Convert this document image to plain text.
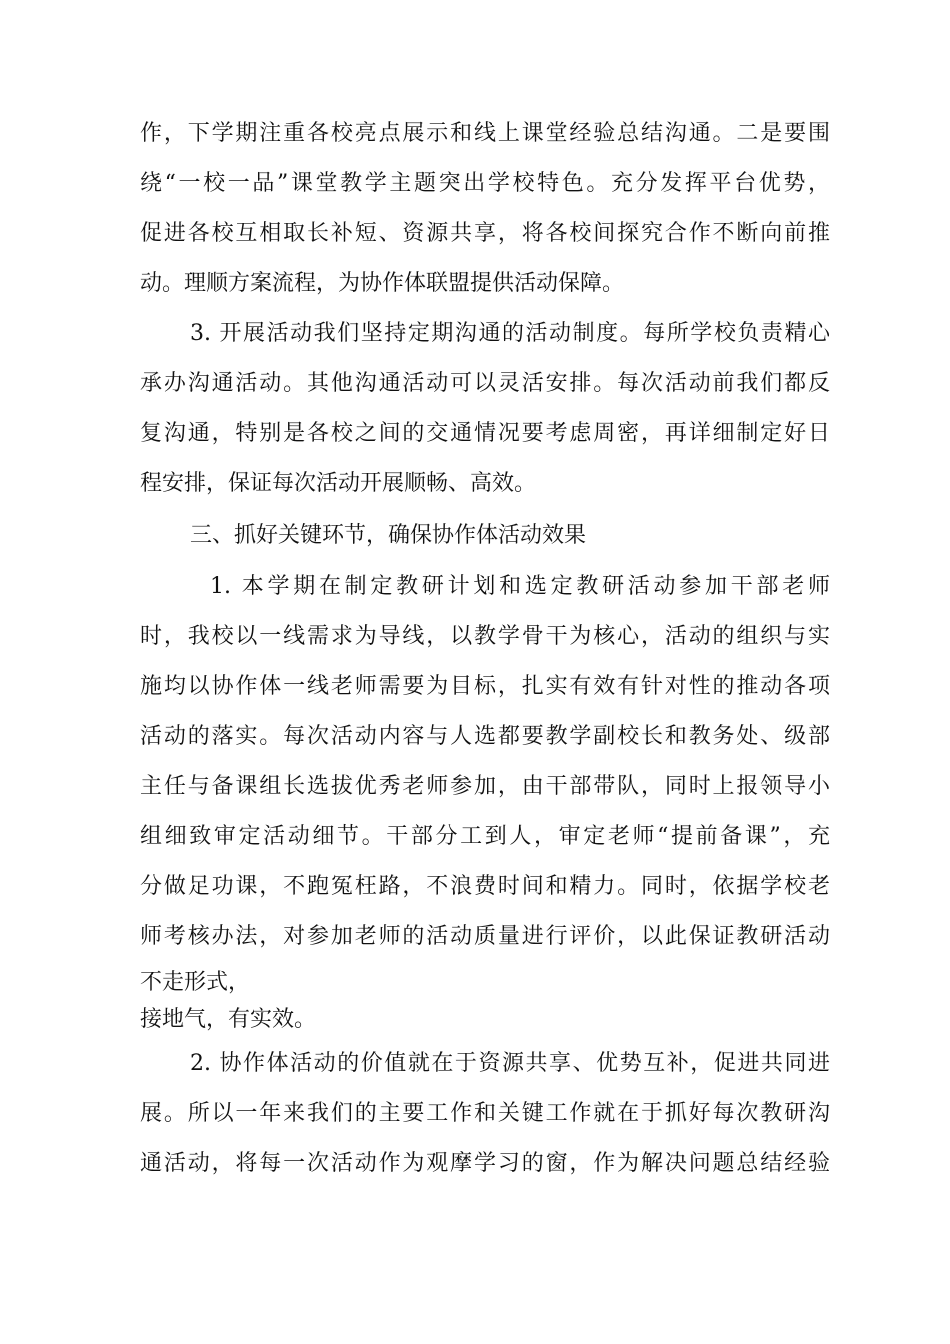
作，下学期注重各校亮点展示和线上课堂经验总结沟通。二是要围
绕“一校一品”课堂教学主题突出学校特色。充分发挥平台优势，
促进各校互相取长补短、资源共享，将各校间探究合作不断向前推
动。理顺方案流程，为协作体联盟提供活动保障。
3. 开展活动我们坚持定期沟通的活动制度。每所学校负责精心
承办沟通活动。其他沟通活动可以灵活安排。每次活动前我们都反
复沟通，特别是各校之间的交通情况要考虑周密，再详细制定好日
程安排，保证每次活动开展顺畅、高效。
三、抓好关键环节，确保协作体活动效果
1. 本学期在制定教研计划和选定教研活动参加干部老师
时，我校以一线需求为导线，以教学骨干为核心，活动的组织与实
施均以协作体一线老师需要为目标，扎实有效有针对性的推动各项
活动的落实。每次活动内容与人选都要教学副校长和教务处、级部
主任与备课组长选拔优秀老师参加，由干部带队，同时上报领导小
组细致审定活动细节。干部分工到人，审定老师“提前备课”，充
分做足功课，不跑冤枉路，不浪费时间和精力。同时，依据学校老
师考核办法，对参加老师的活动质量进行评价，以此保证教研活动
不走形式，
接地气，有实效。
2. 协作体活动的价值就在于资源共享、优势互补，促进共同进
展。所以一年来我们的主要工作和关键工作就在于抓好每次教研沟
通活动，将每一次活动作为观摩学习的窗，作为解决问题总结经验
